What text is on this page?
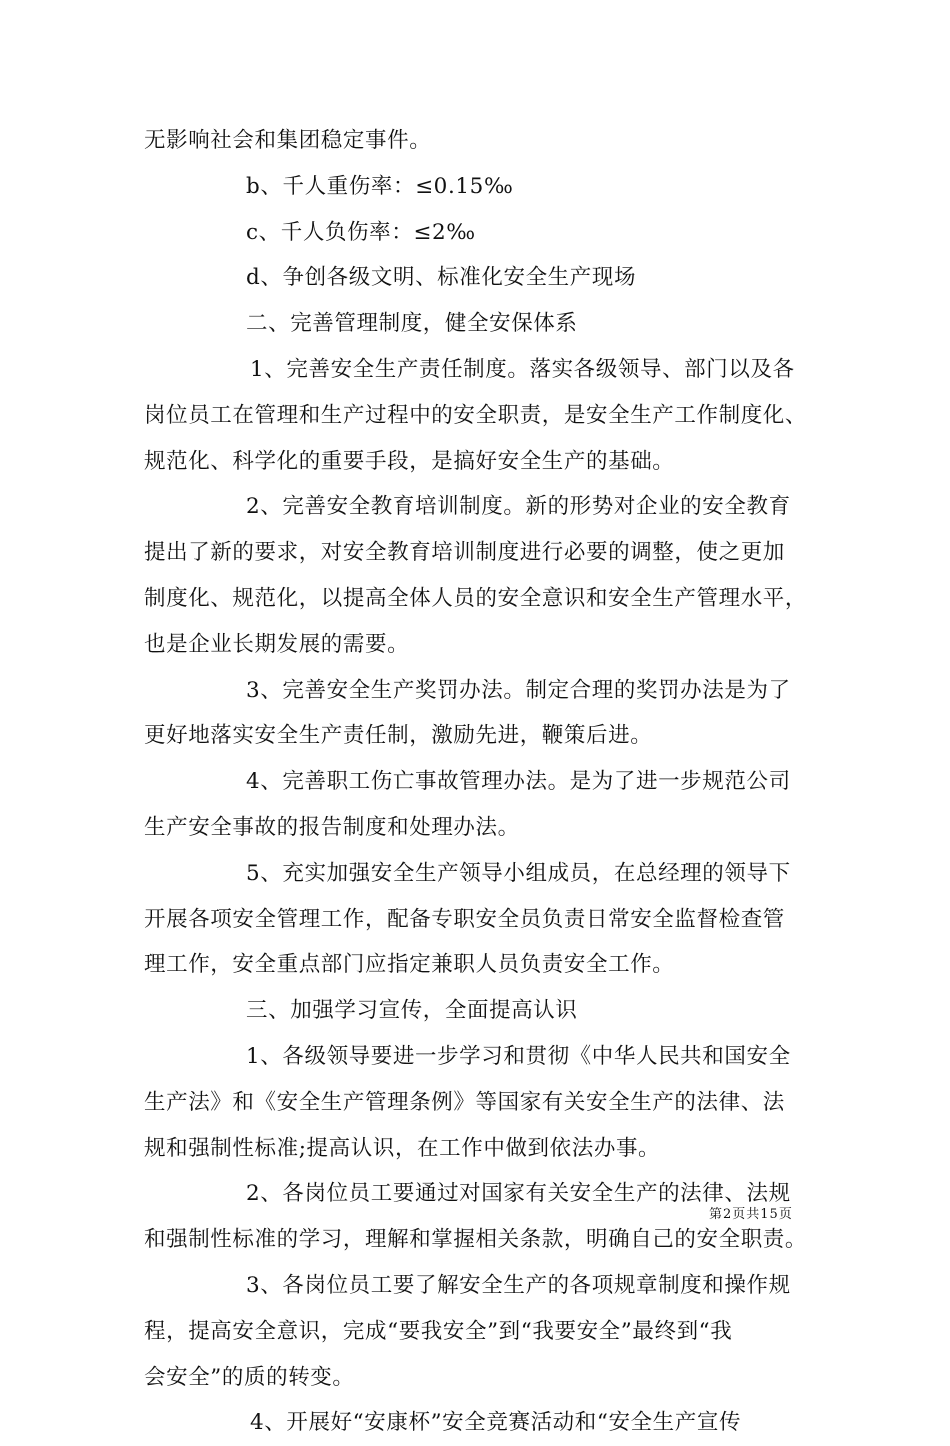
无影响社会和集团稳定事件。
b、千人重伤率：≤0.15‰
c、千人负伤率：≤2‰
d、争创各级文明、标准化安全生产现场
二、完善管理制度，健全安保体系
1、完善安全生产责任制度。落实各级领导、部门以及各
岗位员工在管理和生产过程中的安全职责，是安全生产工作制度化、
规范化、科学化的重要手段，是搞好安全生产的基础。
2、完善安全教育培训制度。新的形势对企业的安全教育
提出了新的要求，对安全教育培训制度进行必要的调整，使之更加
制度化、规范化，以提高全体人员的安全意识和安全生产管理水平，
也是企业长期发展的需要。
3、完善安全生产奖罚办法。制定合理的奖罚办法是为了
更好地落实安全生产责任制，激励先进，鞭策后进。
4、完善职工伤亡事故管理办法。是为了进一步规范公司
生产安全事故的报告制度和处理办法。
5、充实加强安全生产领导小组成员，在总经理的领导下
开展各项安全管理工作，配备专职安全员负责日常安全监督检查管
理工作，安全重点部门应指定兼职人员负责安全工作。
三、加强学习宣传，全面提高认识
1、各级领导要进一步学习和贯彻《中华人民共和国安全
生产法》和《安全生产管理条例》等国家有关安全生产的法律、法
规和强制性标准;提高认识，在工作中做到依法办事。
2、各岗位员工要通过对国家有关安全生产的法律、法规
和强制性标准的学习，理解和掌握相关条款，明确自己的安全职责。
3、各岗位员工要了解安全生产的各项规章制度和操作规
程，提高安全意识，完成“要我安全”到“我要安全”最终到“我
会安全”的质的转变。
4、开展好“安康杯”安全竞赛活动和“安全生产宣传
第2页共15页
